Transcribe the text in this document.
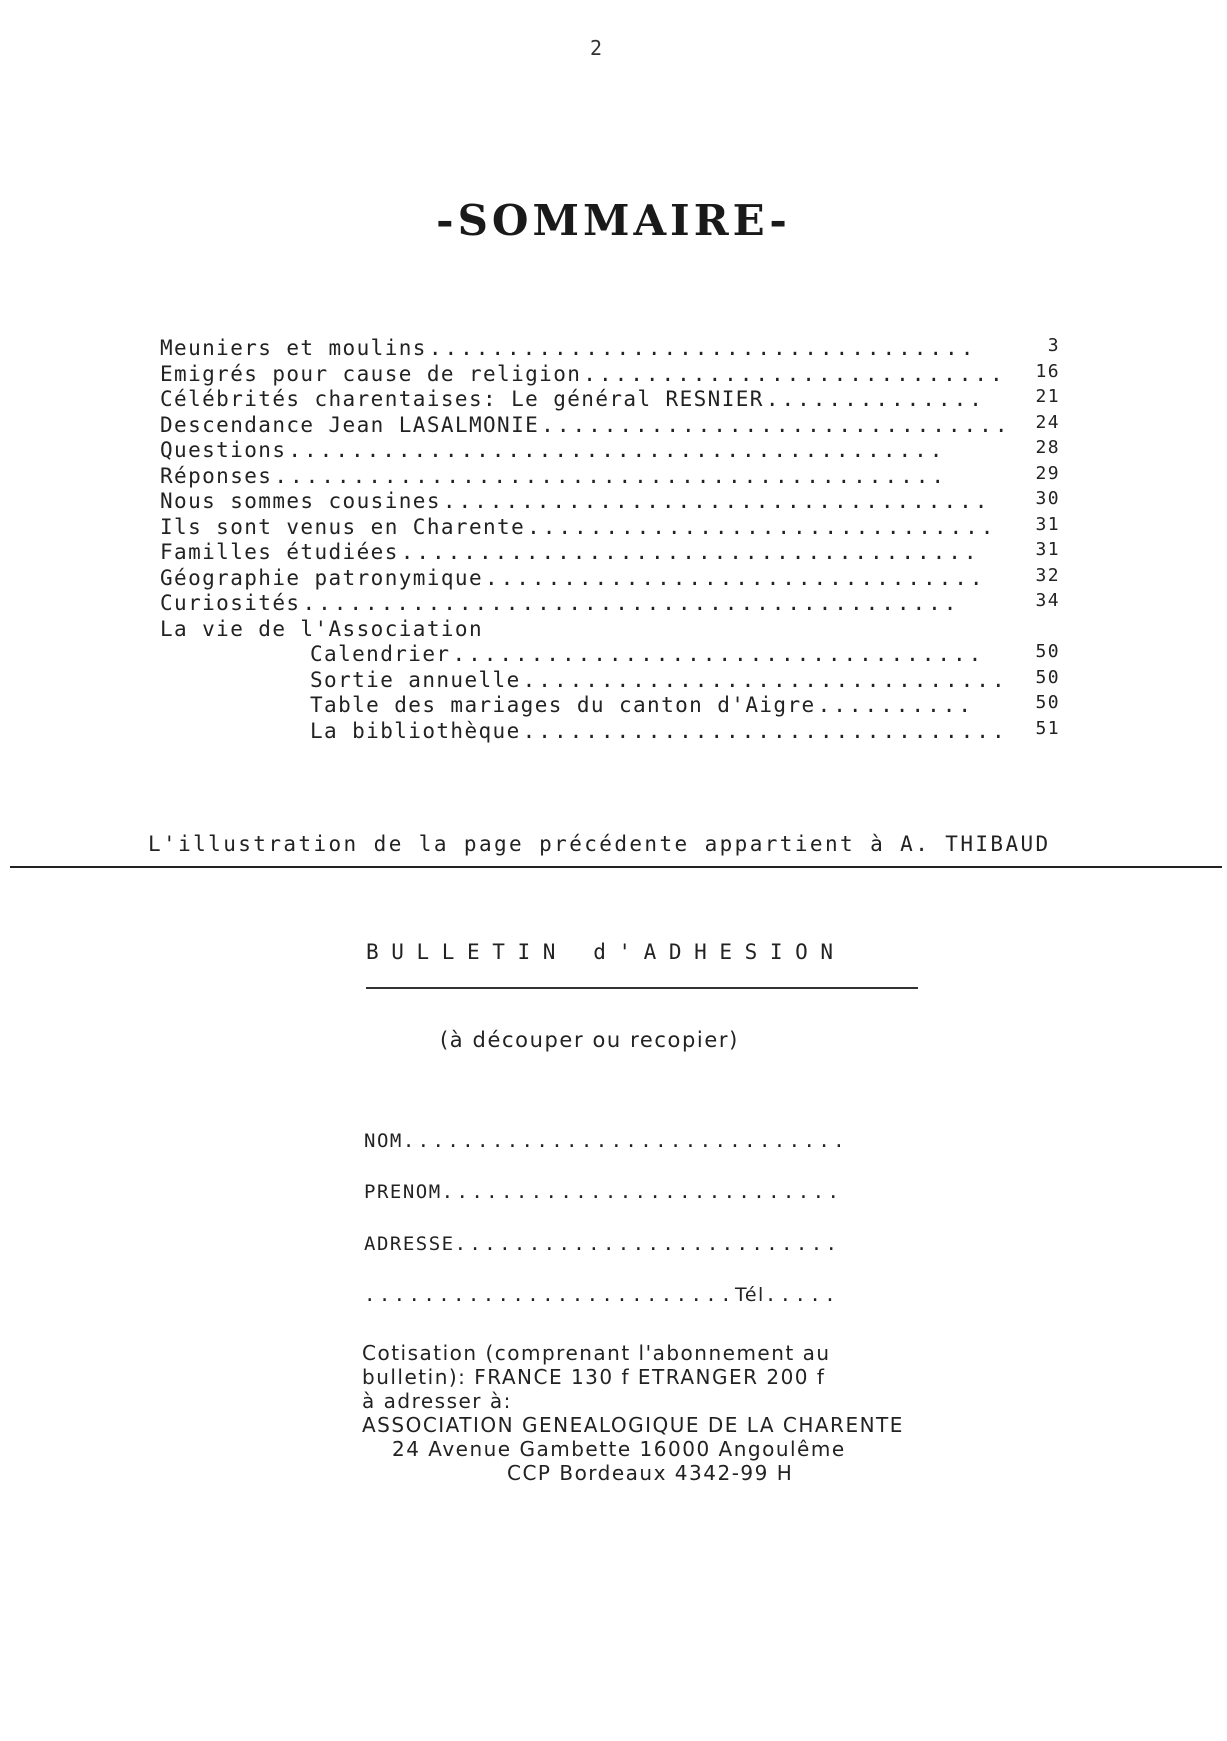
2
-SOMMAIRE-
Meuniers et moulins ...................................	3
Emigrés pour cause de religion ...........................	16
Célébrités charentaises: Le général RESNIER ..............	21
Descendance Jean LASALMONIE ..............................	24
Questions ..........................................	28
Réponses ...........................................	29
Nous sommes cousines ...................................	30
Ils sont venus en Charente ..............................	31
Familles étudiées .....................................	31
Géographie patronymique ................................	32
Curiosités ..........................................	34
La vie de l'Association
Calendrier ..................................	50
Sortie annuelle ...............................	50
Table des mariages du canton d'Aigre ..........	50
La bibliothèque ...............................	51
L'illustration de la page précédente appartient à A. THIBAUD
BULLETIN d'ADHESION
(à découper ou recopier)
NOM..............................
PRENOM...........................
ADRESSE..........................
.........................Tél.....
Cotisation (comprenant l'abonnement au
bulletin): FRANCE 130 f ETRANGER 200 f
à adresser à:
ASSOCIATION GENEALOGIQUE DE LA CHARENTE
24 Avenue Gambette 16000 Angoulême
CCP Bordeaux 4342-99 H
